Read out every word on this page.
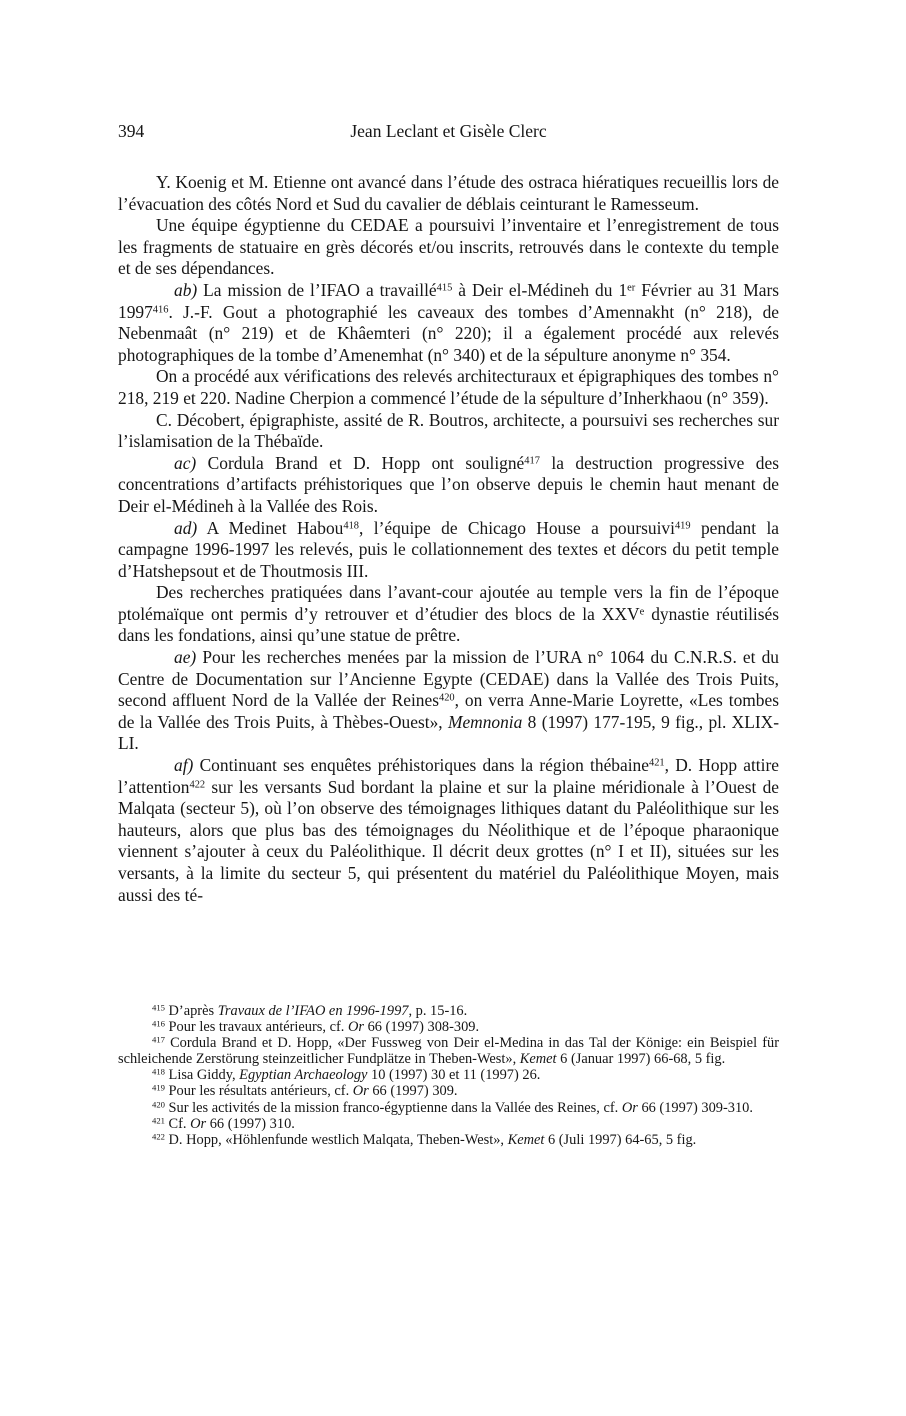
394	Jean Leclant et Gisèle Clerc

Y. Koenig et M. Etienne ont avancé dans l’étude des ostraca hiératiques recueillis lors de l’évacuation des côtés Nord et Sud du cavalier de déblais ceinturant le Ramesseum.

Une équipe égyptienne du CEDAE a poursuivi l’inventaire et l’enregistrement de tous les fragments de statuaire en grès décorés et/ou inscrits, retrouvés dans le contexte du temple et de ses dépendances.

ab) La mission de l’IFAO a travaillé$^{415}$ à Deir el-Médineh du 1er Février au 31 Mars 1997$^{416}$. J.-F. Gout a photographié les caveaux des tombes d’Amennakht (n° 218), de Nebenmaât (n° 219) et de Khâemteri (n° 220); il a également procédé aux relevés photographiques de la tombe d’Amenemhat (n° 340) et de la sépulture anonyme n° 354.

On a procédé aux vérifications des relevés architecturaux et épigraphiques des tombes n° 218, 219 et 220. Nadine Cherpion a commencé l’étude de la sépulture d’Inherkhaou (n° 359).

C. Décobert, épigraphiste, assité de R. Boutros, architecte, a poursuivi ses recherches sur l’islamisation de la Thébaïde.

ac) Cordula Brand et D. Hopp ont souligné$^{417}$ la destruction progressive des concentrations d’artifacts préhistoriques que l’on observe depuis le chemin haut menant de Deir el-Médineh à la Vallée des Rois.

ad) A Medinet Habou$^{418}$, l’équipe de Chicago House a poursuivi$^{419}$ pendant la campagne 1996-1997 les relevés, puis le collationnement des textes et décors du petit temple d’Hatshepsout et de Thoutmosis III.

Des recherches pratiquées dans l’avant-cour ajoutée au temple vers la fin de l’époque ptolémaïque ont permis d’y retrouver et d’étudier des blocs de la XXVe dynastie réutilisés dans les fondations, ainsi qu’une statue de prêtre.

ae) Pour les recherches menées par la mission de l’URA n° 1064 du C.N.R.S. et du Centre de Documentation sur l’Ancienne Egypte (CEDAE) dans la Vallée des Trois Puits, second affluent Nord de la Vallée der Reines$^{420}$, on verra Anne-Marie Loyrette, «Les tombes de la Vallée des Trois Puits, à Thèbes-Ouest», Memnonia 8 (1997) 177-195, 9 fig., pl. XLIX-LI.

af) Continuant ses enquêtes préhistoriques dans la région thébaine$^{421}$, D. Hopp attire l’attention$^{422}$ sur les versants Sud bordant la plaine et sur la plaine méridionale à l’Ouest de Malqata (secteur 5), où l’on observe des témoignages lithiques datant du Paléolithique sur les hauteurs, alors que plus bas des témoignages du Néolithique et de l’époque pharaonique viennent s’ajouter à ceux du Paléolithique. Il décrit deux grottes (n° I et II), situées sur les versants, à la limite du secteur 5, qui présentent du matériel du Paléolithique Moyen, mais aussi des té-

$^{415}$ D’après Travaux de l’IFAO en 1996-1997, p. 15-16.

$^{416}$ Pour les travaux antérieurs, cf. Or 66 (1997) 308-309.

$^{417}$ Cordula Brand et D. Hopp, «Der Fussweg von Deir el-Medina in das Tal der Könige: ein Beispiel für schleichende Zerstörung steinzeitlicher Fundplätze in Theben-West», Kemet 6 (Januar 1997) 66-68, 5 fig.

$^{418}$ Lisa Giddy, Egyptian Archaeology 10 (1997) 30 et 11 (1997) 26.

$^{419}$ Pour les résultats antérieurs, cf. Or 66 (1997) 309.

$^{420}$ Sur les activités de la mission franco-égyptienne dans la Vallée des Reines, cf. Or 66 (1997) 309-310.

$^{421}$ Cf. Or 66 (1997) 310.

$^{422}$ D. Hopp, «Höhlenfunde westlich Malqata, Theben-West», Kemet 6 (Juli 1997) 64-65, 5 fig.
